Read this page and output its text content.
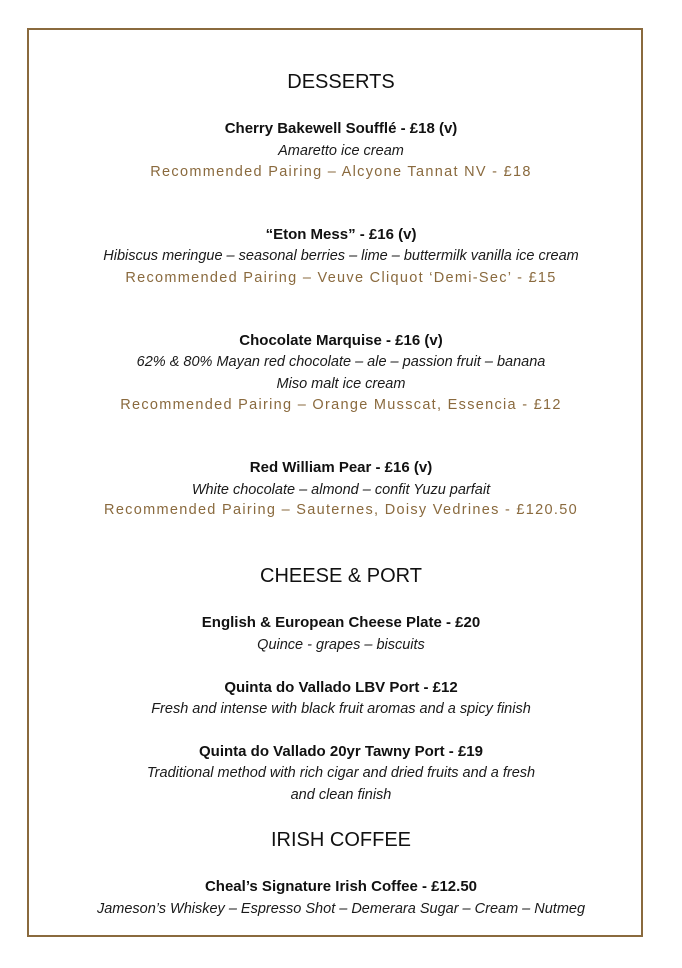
DESSERTS
Cherry Bakewell Soufflé - £18 (v)
Amaretto ice cream
Recommended Pairing – Alcyone Tannat NV - £18
“Eton Mess” - £16 (v)
Hibiscus meringue – seasonal berries – lime – buttermilk vanilla ice cream
Recommended Pairing – Veuve Cliquot ‘Demi-Sec’ - £15
Chocolate Marquise - £16 (v)
62% & 80% Mayan red chocolate – ale – passion fruit – banana
Miso malt ice cream
Recommended Pairing – Orange Musscat, Essencia - £12
Red William Pear - £16 (v)
White chocolate – almond – confit Yuzu parfait
Recommended Pairing – Sauternes, Doisy Vedrines - £120.50
CHEESE & PORT
English & European Cheese Plate - £20
Quince - grapes – biscuits
Quinta do Vallado LBV Port - £12
Fresh and intense with black fruit aromas and a spicy finish
Quinta do Vallado 20yr Tawny Port - £19
Traditional method with rich cigar and dried fruits and a fresh
and clean finish
IRISH COFFEE
Cheal’s Signature Irish Coffee - £12.50
Jameson’s Whiskey – Espresso Shot – Demerara Sugar – Cream – Nutmeg
